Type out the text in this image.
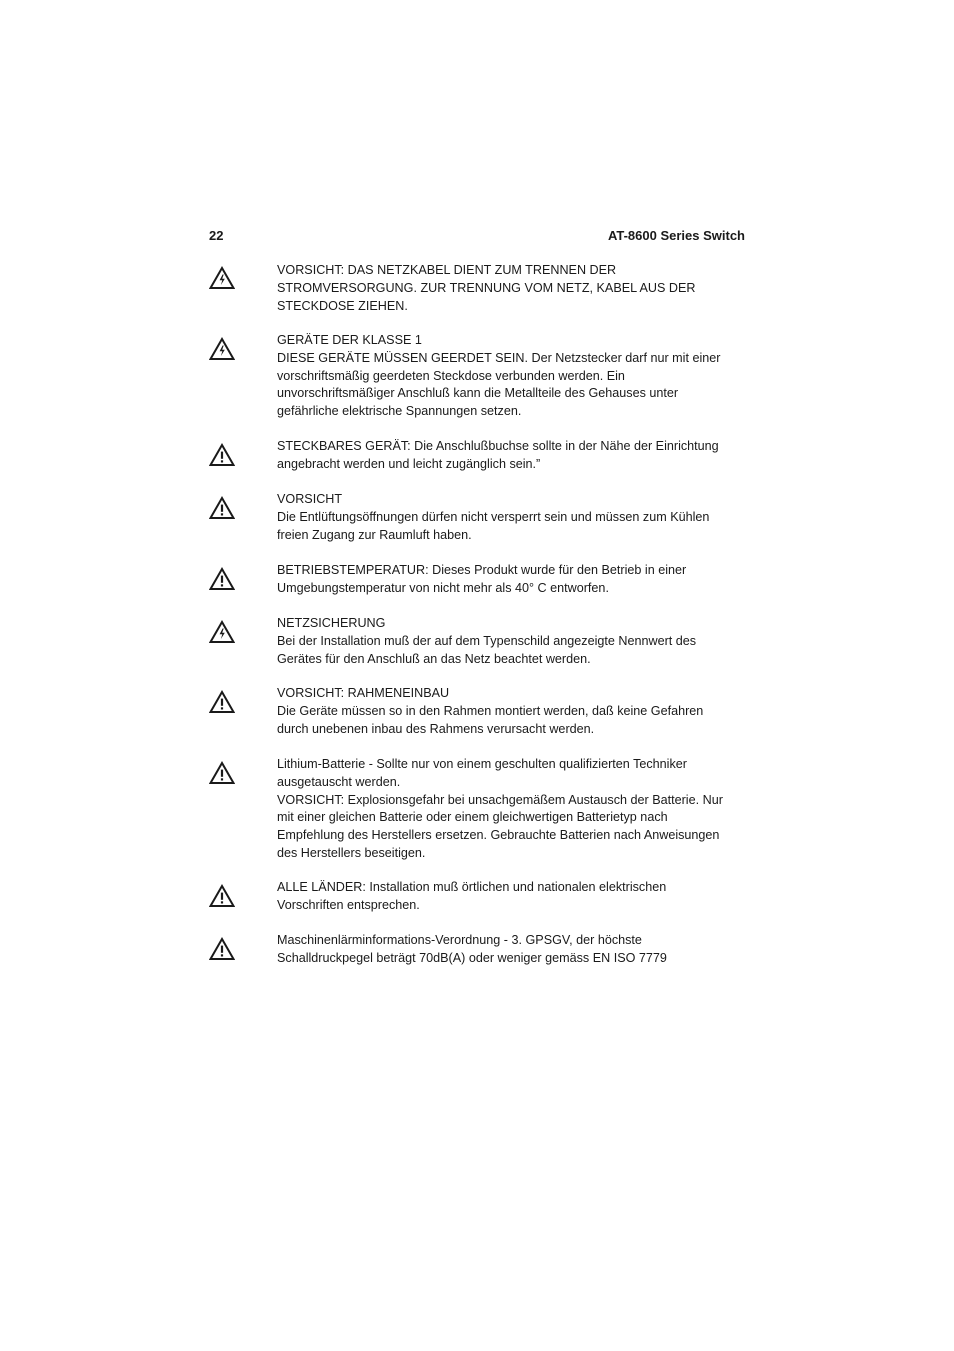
22	AT-8600 Series Switch

VORSICHT: DAS NETZKABEL DIENT ZUM TRENNEN DER

STROMVERSORGUNG. ZUR TRENNUNG VOM NETZ, KABEL AUS DER

STECKDOSE ZIEHEN.

GERÄTE DER KLASSE 1

DIESE GERÄTE MÜSSEN GEERDET SEIN. Der Netzstecker darf nur mit einer

vorschriftsmäßig geerdeten Steckdose verbunden werden. Ein

unvorschriftsmäßiger Anschluß kann die Metallteile des Gehauses unter

gefährliche elektrische Spannungen setzen.

STECKBARES GERÄT: Die Anschlußbuchse sollte in der Nähe der Einrichtung

angebracht werden und leicht zugänglich sein.”

VORSICHT

Die Entlüftungsöffnungen dürfen nicht versperrt sein und müssen zum Kühlen

freien Zugang zur Raumluft haben.

BETRIEBSTEMPERATUR: Dieses Produkt wurde für den Betrieb in einer

Umgebungstemperatur von nicht mehr als 40° C entworfen.

NETZSICHERUNG

Bei der Installation muß der auf dem Typenschild angezeigte Nennwert des

Gerätes für den Anschluß an das Netz beachtet werden.

VORSICHT: RAHMENEINBAU

Die Geräte müssen so in den Rahmen montiert werden, daß keine Gefahren

durch unebenen inbau des Rahmens verursacht werden.

Lithium-Batterie - Sollte nur von einem geschulten qualifizierten Techniker

ausgetauscht werden.

VORSICHT: Explosionsgefahr bei unsachgemäßem Austausch der Batterie. Nur

mit einer gleichen Batterie oder einem gleichwertigen Batterietyp nach

Empfehlung des Herstellers ersetzen. Gebrauchte Batterien nach Anweisungen

des Herstellers beseitigen.

ALLE LÄNDER: Installation muß örtlichen und nationalen elektrischen

Vorschriften entsprechen.

Maschinenlärminformations-Verordnung - 3. GPSGV, der höchste

Schalldruckpegel beträgt 70dB(A) oder weniger gemäss EN ISO 7779
